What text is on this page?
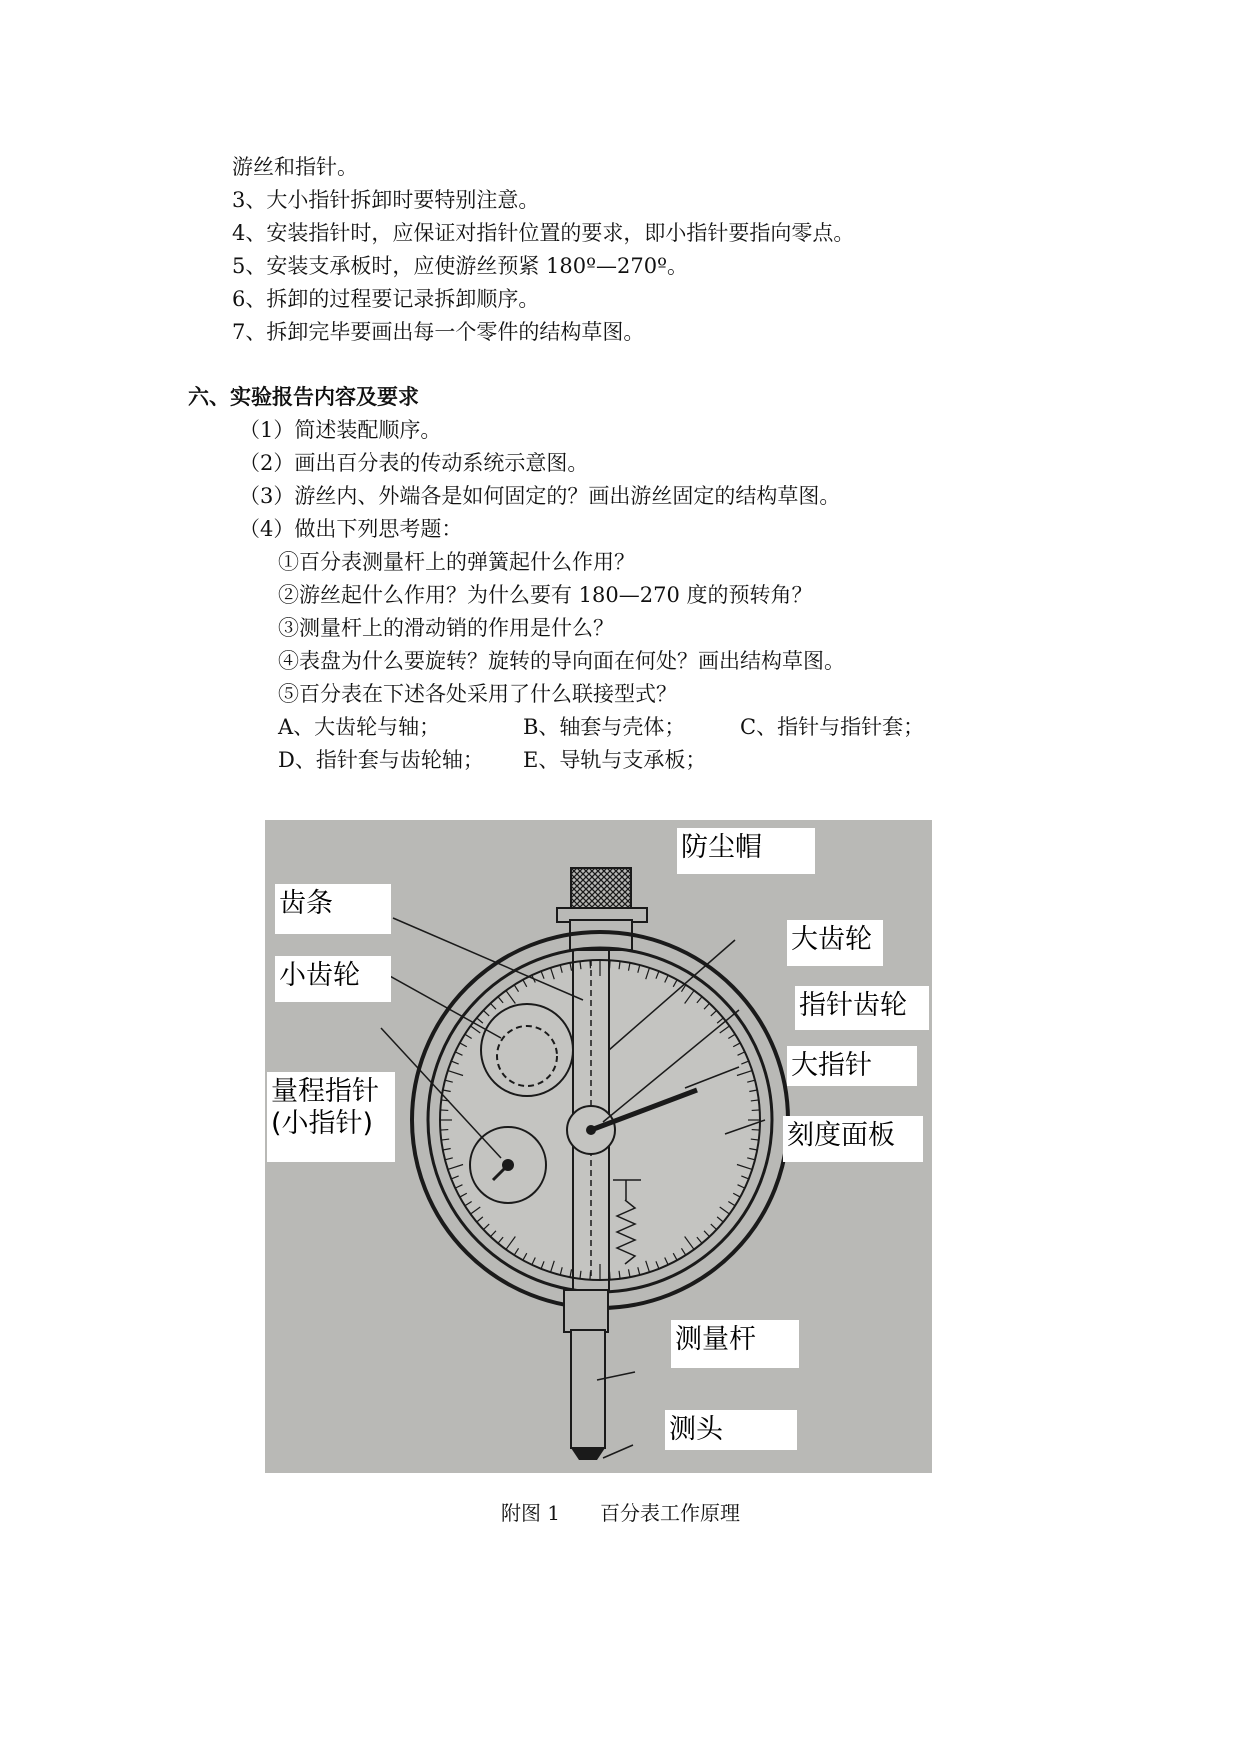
游丝和指针。
3、大小指针拆卸时要特别注意。
4、安装指针时，应保证对指针位置的要求，即小指针要指向零点。
5、安装支承板时，应使游丝预紧 180º—270º。
6、拆卸的过程要记录拆卸顺序。
7、拆卸完毕要画出每一个零件的结构草图。
六、实验报告内容及要求
（1）简述装配顺序。
（2）画出百分表的传动系统示意图。
（3）游丝内、外端各是如何固定的？画出游丝固定的结构草图。
（4）做出下列思考题：
①百分表测量杆上的弹簧起什么作用？
②游丝起什么作用？为什么要有 180—270 度的预转角？
③测量杆上的滑动销的作用是什么？
④表盘为什么要旋转？旋转的导向面在何处？画出结构草图。
⑤百分表在下述各处采用了什么联接型式？
A、大齿轮与轴；	B、轴套与壳体；	C、指针与指针套；
D、指针套与齿轮轴； E、导轨与支承板；
防尘帽
齿条
小齿轮
量程指针
(小指针)
大齿轮
指针齿轮
大指针
刻度面板
测量杆
测头
附图 1 百分表工作原理
